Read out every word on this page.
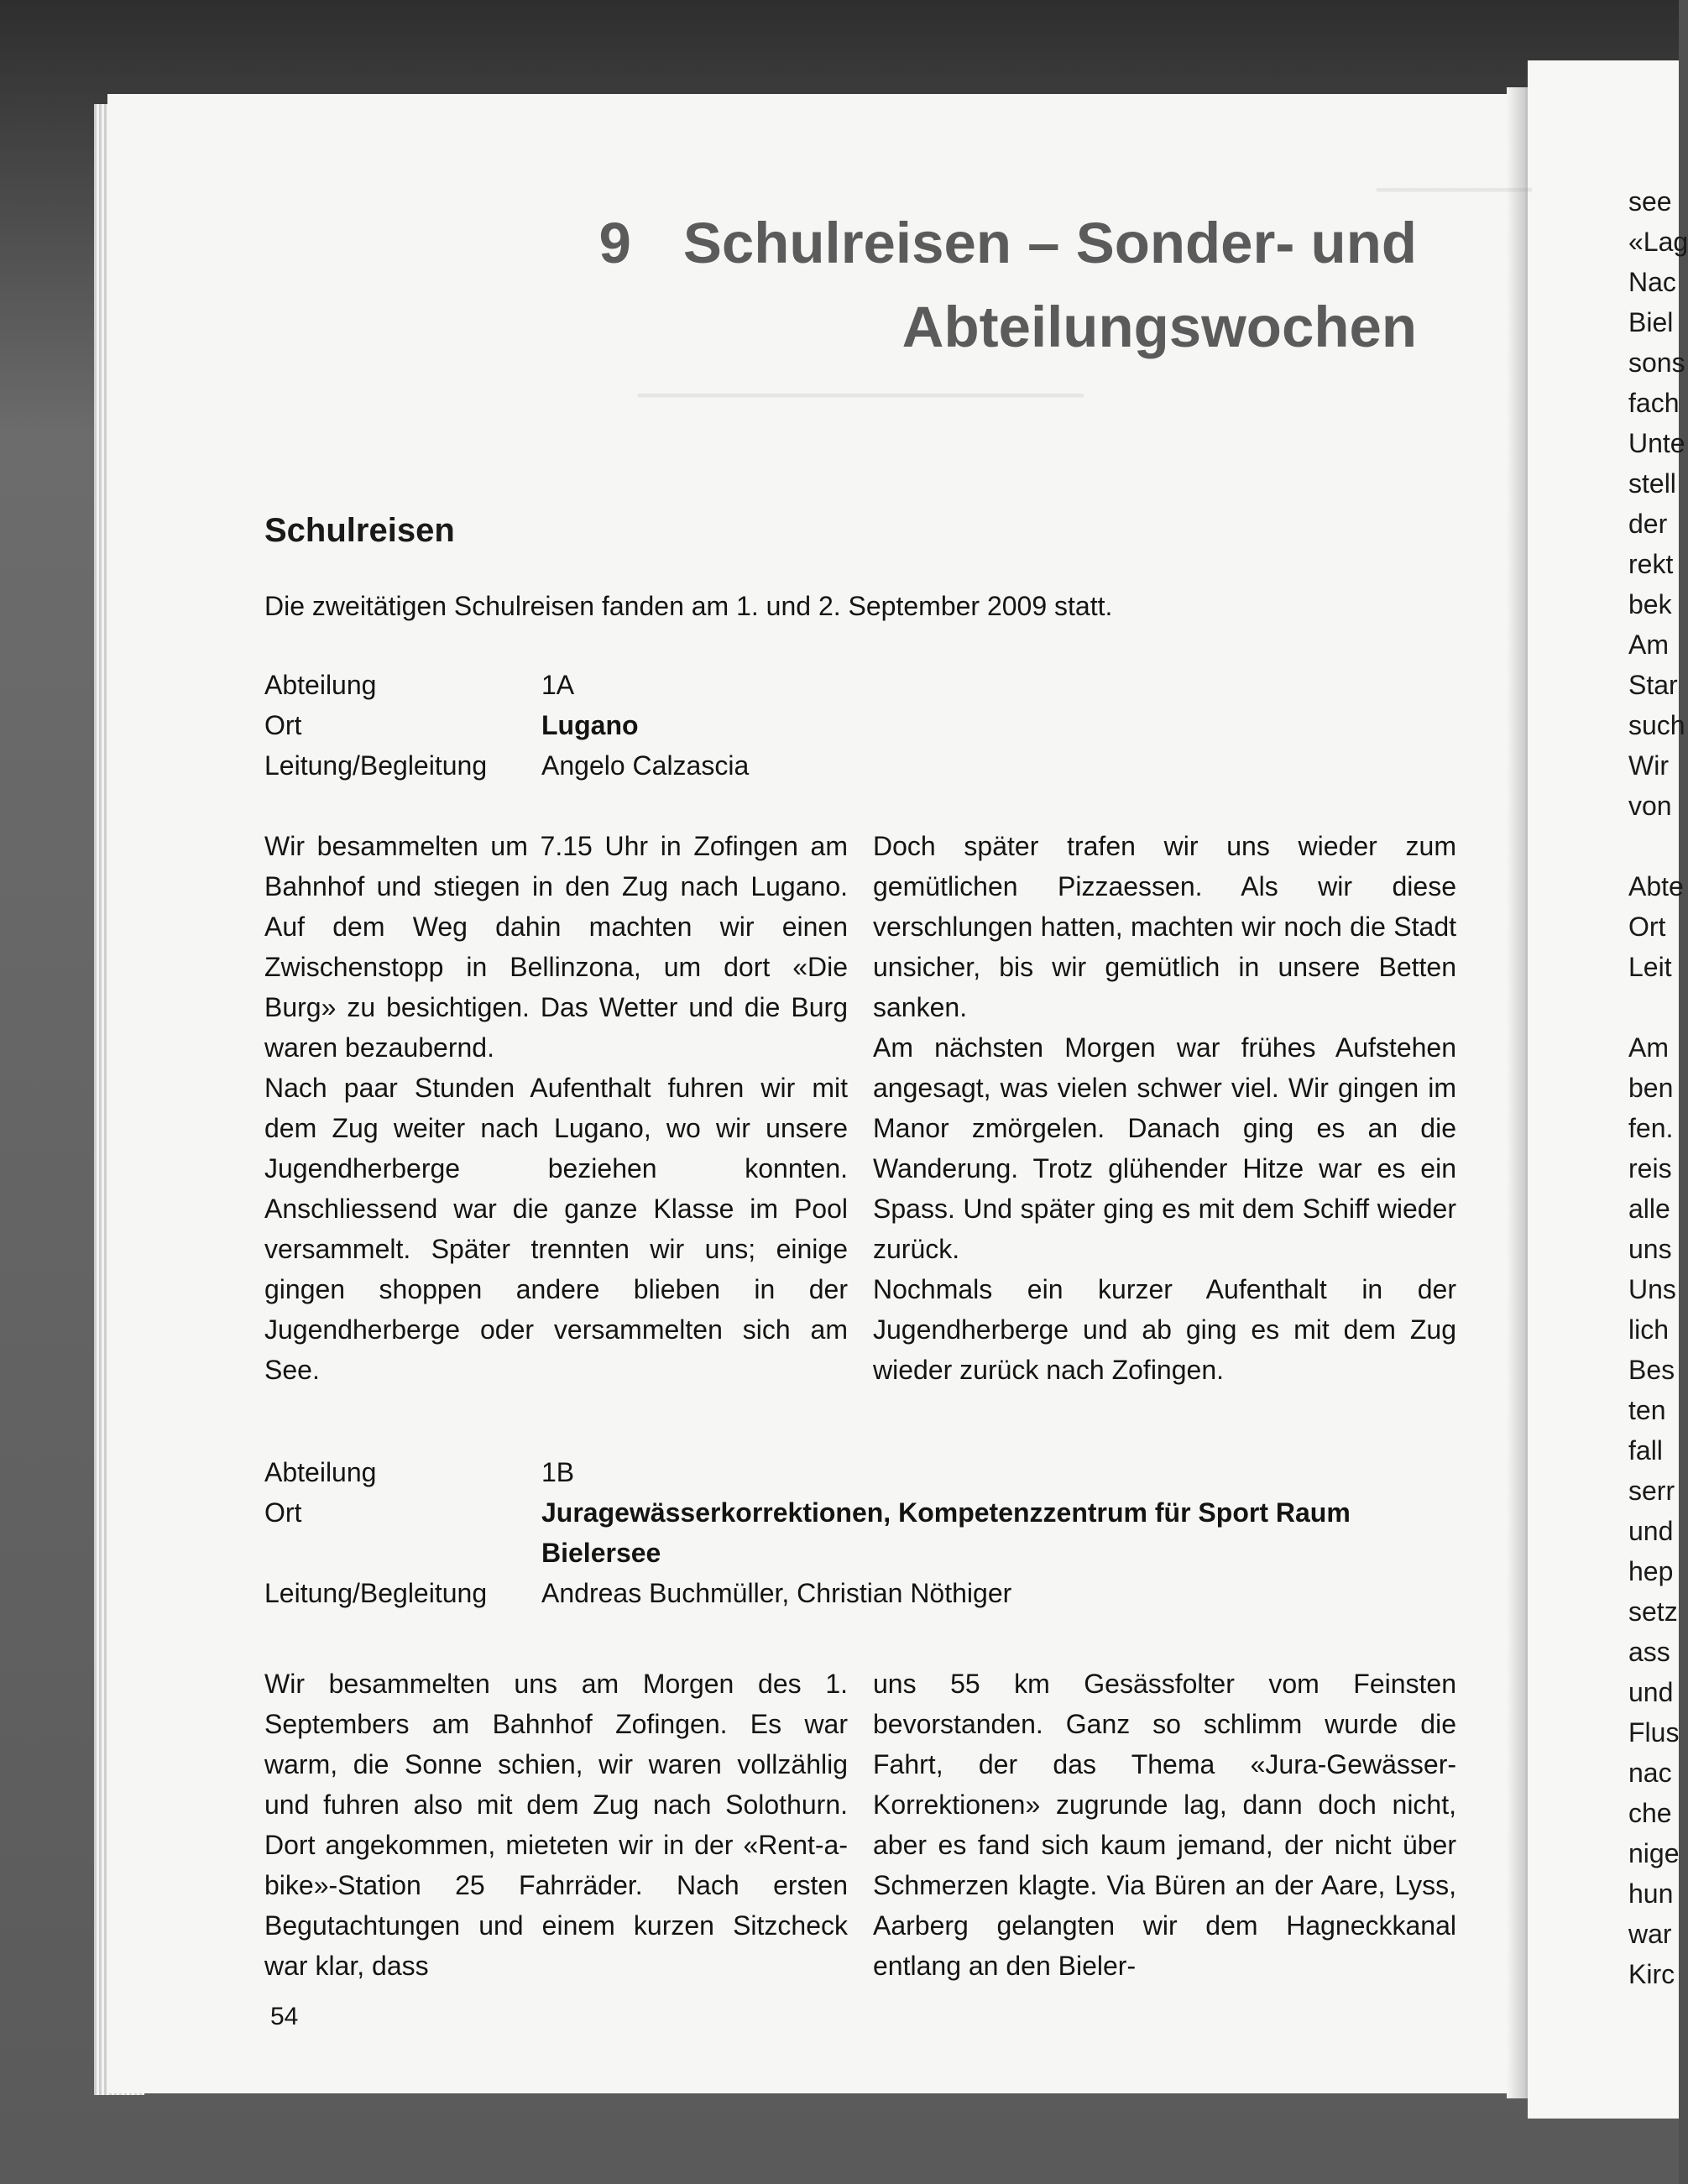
9 Schulreisen – Sonder- und
Abteilungswochen
Schulreisen
Die zweitätigen Schulreisen fanden am 1. und 2. September 2009 statt.
Abteilung	1A
Ort	Lugano
Leitung/Begleitung Angelo Calzascia

Wir besammelten um 7.15 Uhr in Zofingen am Bahnhof und stiegen in den Zug nach Lugano. Auf dem Weg dahin machten wir einen Zwischenstopp in Bellinzona, um dort «Die Burg» zu besichtigen. Das Wetter und die Burg waren bezaubernd.

Nach paar Stunden Aufenthalt fuhren wir mit dem Zug weiter nach Lugano, wo wir unsere Jugendherberge beziehen konnten. Anschliessend war die ganze Klasse im Pool versammelt. Später trennten wir uns; einige gingen shoppen andere blieben in der Jugendherberge oder versammelten sich am See.

Doch später trafen wir uns wieder zum gemütlichen Pizzaessen. Als wir diese verschlungen hatten, machten wir noch die Stadt unsicher, bis wir gemütlich in unsere Betten sanken.

Am nächsten Morgen war frühes Aufstehen angesagt, was vielen schwer viel. Wir gingen im Manor zmörgelen. Danach ging es an die Wanderung. Trotz glühender Hitze war es ein Spass. Und später ging es mit dem Schiff wieder zurück.

Nochmals ein kurzer Aufenthalt in der Jugendherberge und ab ging es mit dem Zug wieder zurück nach Zofingen.

Abteilung	1B
Ort	Juragewässerkorrektionen, Kompetenzzentrum für Sport Raum Bielersee
Leitung/Begleitung Andreas Buchmüller, Christian Nöthiger

Wir besammelten uns am Morgen des 1. Septembers am Bahnhof Zofingen. Es war warm, die Sonne schien, wir waren vollzählig und fuhren also mit dem Zug nach Solothurn. Dort angekommen, mieteten wir in der «Rent-a-bike»-Station 25 Fahrräder. Nach ersten Begutachtungen und einem kurzen Sitzcheck war klar, dass

uns 55 km Gesässfolter vom Feinsten bevorstanden. Ganz so schlimm wurde die Fahrt, der das Thema «Jura-Gewässer-Korrektionen» zugrunde lag, dann doch nicht, aber es fand sich kaum jemand, der nicht über Schmerzen klagte. Via Büren an der Aare, Lyss, Aarberg gelangten wir dem Hagneckkanal entlang an den Bieler-

54
see
«Lag
Nac
Biel
sons
fach
Unte
stell
der
rekt
bek
Am
Star
such
Wir
von
Abte
Ort
Leit
Am
ben
fen.
reis
alle
uns
Uns
lich
Bes
ten
fall
serr
und
hep
setz
ass
und
Flus
nac
che
nige
hun
war
Kirc
